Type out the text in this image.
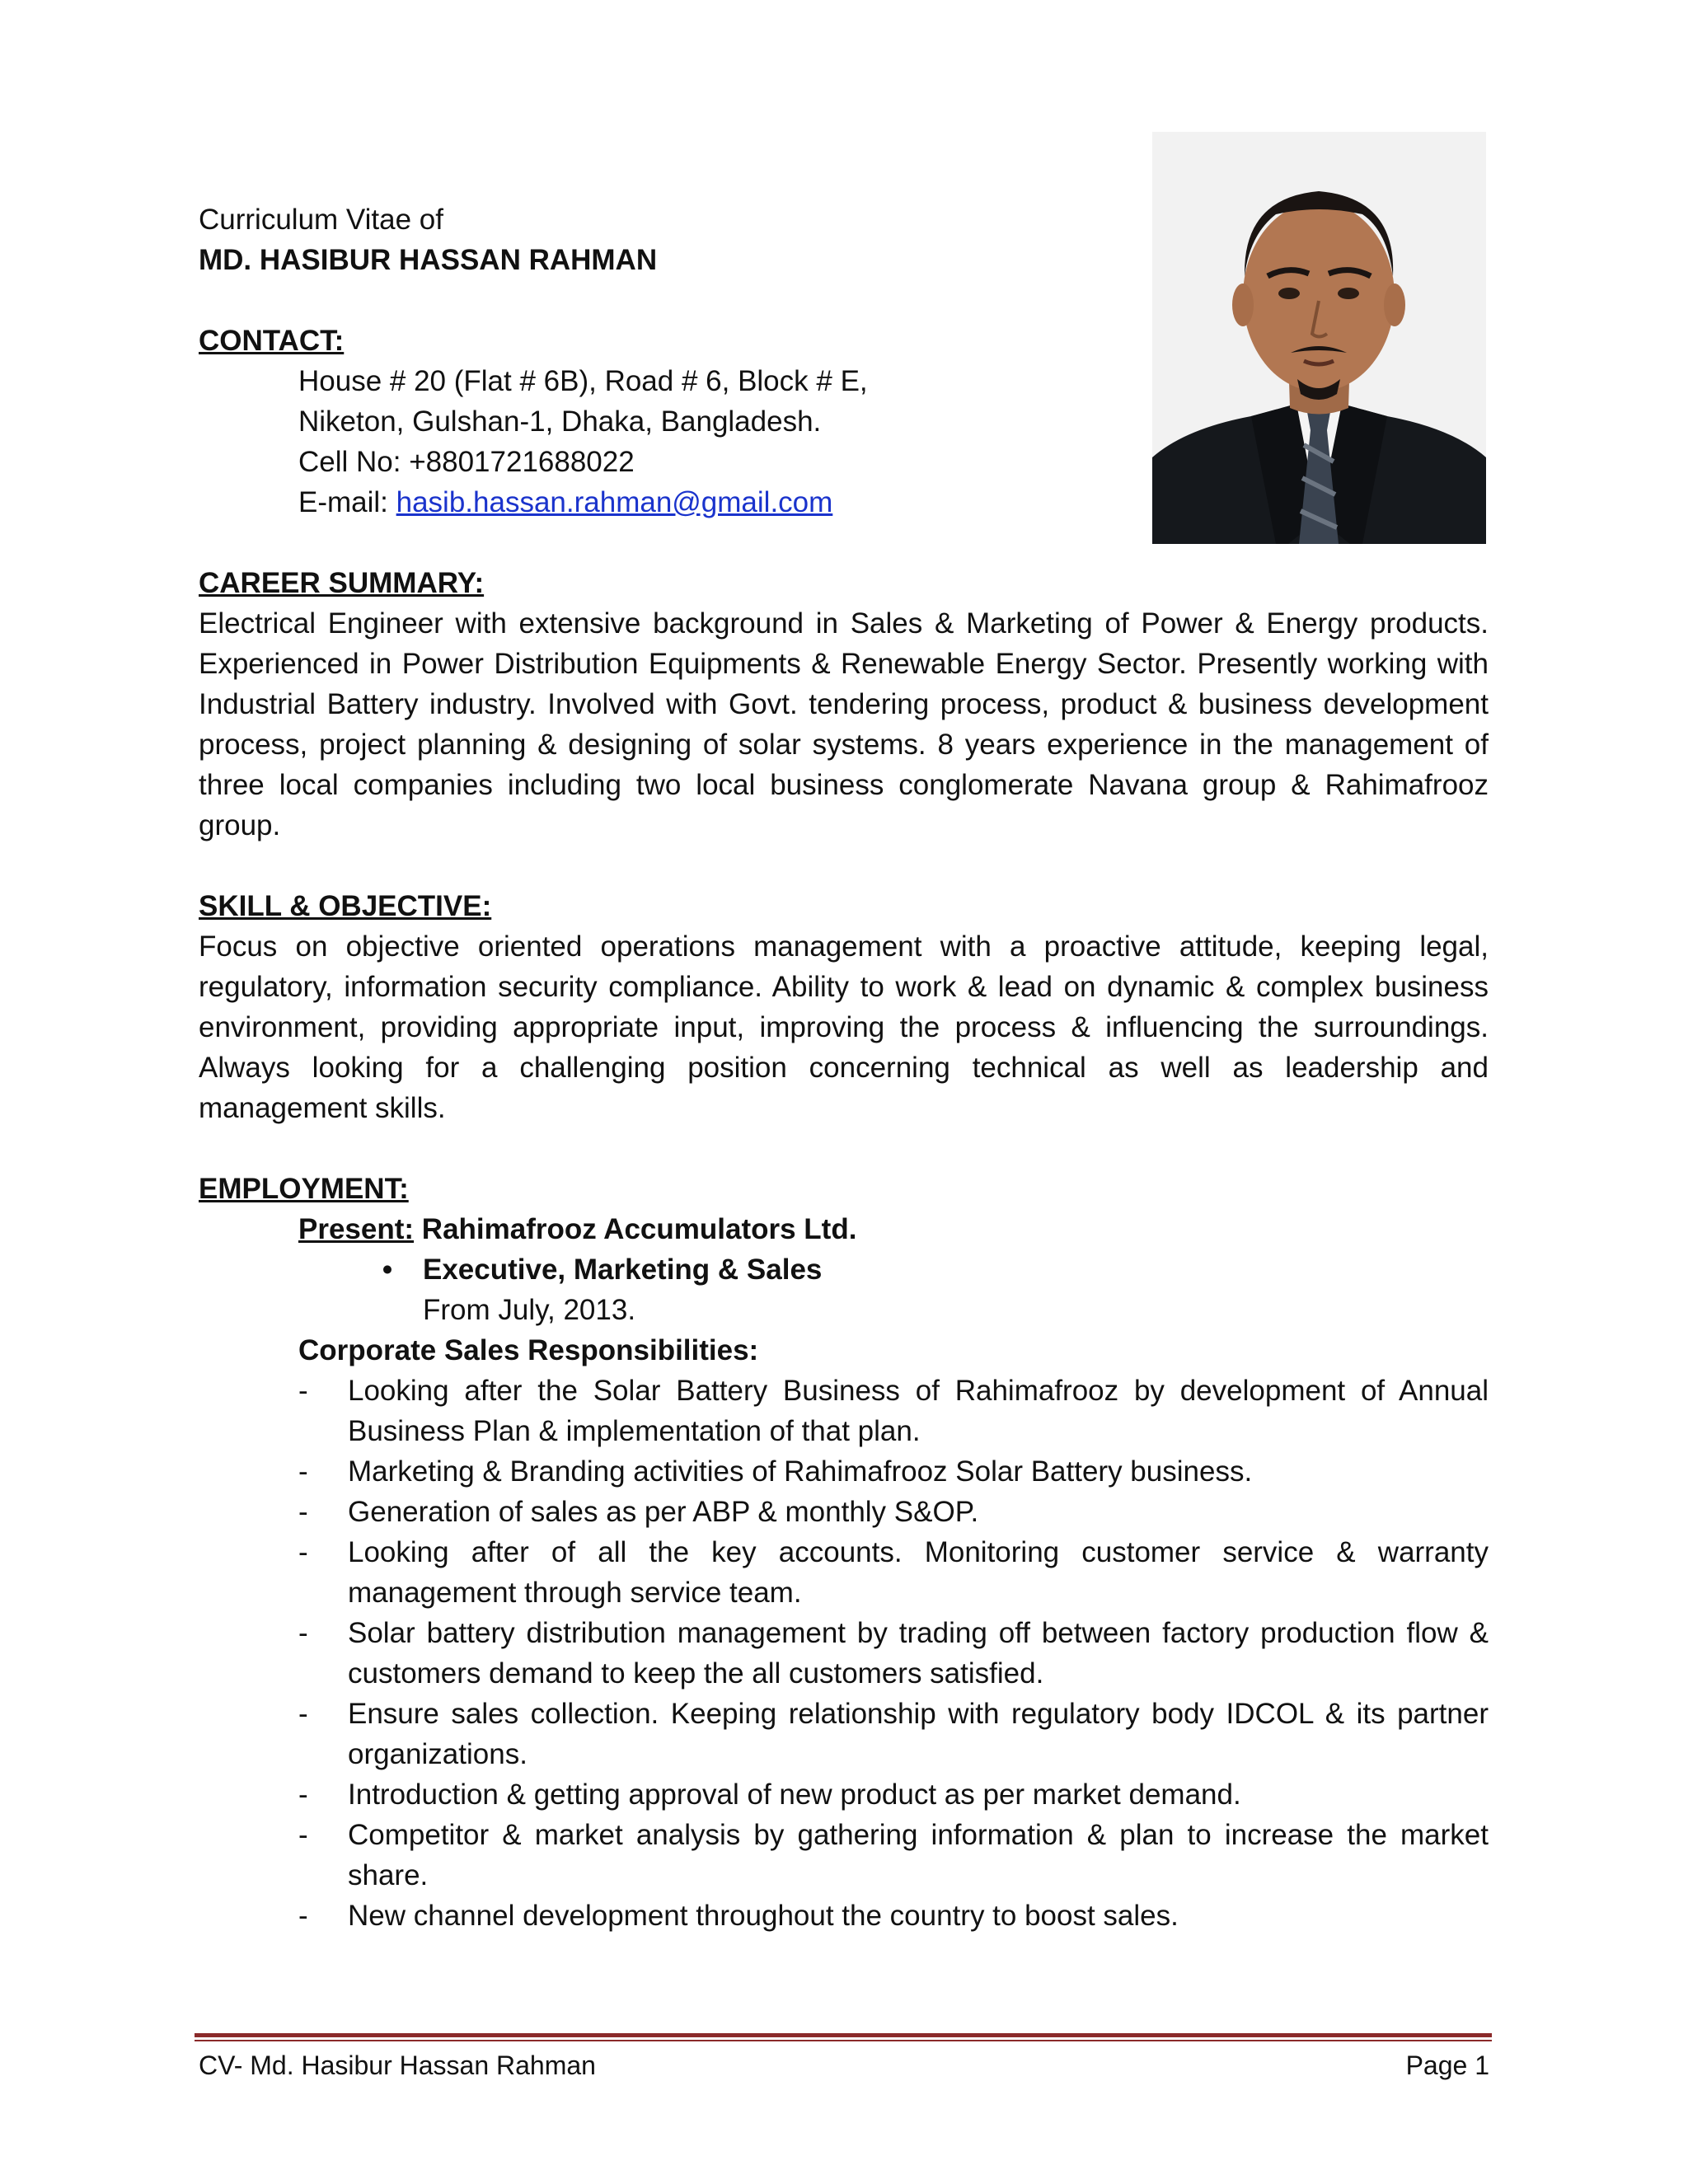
Curriculum Vitae of
MD. HASIBUR HASSAN RAHMAN
CONTACT:
House # 20 (Flat # 6B), Road # 6, Block # E,
Niketon, Gulshan-1, Dhaka, Bangladesh.
Cell No: +8801721688022
E-mail: hasib.hassan.rahman@gmail.com
CAREER SUMMARY:
Electrical Engineer with extensive background in Sales & Marketing of Power & Energy products. Experienced in Power Distribution Equipments & Renewable Energy Sector. Presently working with Industrial Battery industry. Involved with Govt. tendering process, product & business development process, project planning & designing of solar systems. 8 years experience in the management of three local companies including two local business conglomerate Navana group & Rahimafrooz group.
SKILL & OBJECTIVE:
Focus on objective oriented operations management with a proactive attitude, keeping legal, regulatory, information security compliance. Ability to work & lead on dynamic & complex business environment, providing appropriate input, improving the process & influencing the surroundings. Always looking for a challenging position concerning technical as well as leadership and management skills.
EMPLOYMENT:
Present: Rahimafrooz Accumulators Ltd.
•	Executive, Marketing & Sales
From July, 2013.
Corporate Sales Responsibilities:
- Looking after the Solar Battery Business of Rahimafrooz by development of Annual Business Plan & implementation of that plan.
- Marketing & Branding activities of Rahimafrooz Solar Battery business.
- Generation of sales as per ABP & monthly S&OP.
- Looking after of all the key accounts. Monitoring customer service & warranty management through service team.
- Solar battery distribution management by trading off between factory production flow & customers demand to keep the all customers satisfied.
- Ensure sales collection. Keeping relationship with regulatory body IDCOL & its partner organizations.
- Introduction & getting approval of new product as per market demand.
- Competitor & market analysis by gathering information & plan to increase the market share.
- New channel development throughout the country to boost sales.
CV- Md. Hasibur Hassan Rahman	Page 1
